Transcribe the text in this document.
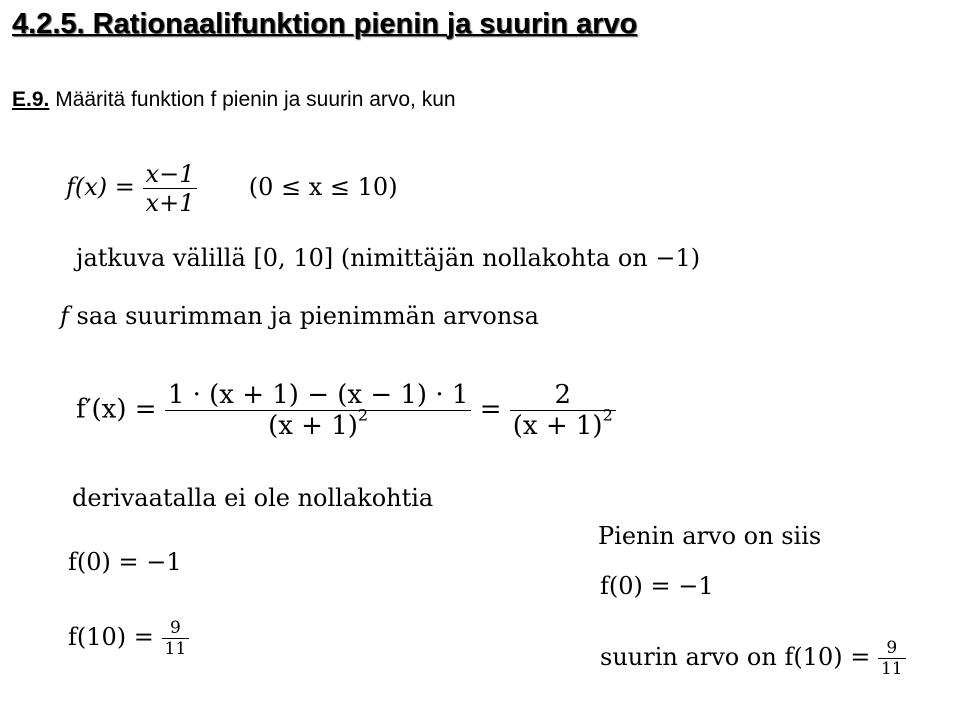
4.2.5. Rationaalifunktion pienin ja suurin arvo
E.9. Määritä funktion f pienin ja suurin arvo, kun
$f(x) = \frac{x-1}{x+1} (0 \le x \le 10)$
jatkuva välillä [0, 10] (nimittäjän nollakohta on −1)
f saa suurimman ja pienimmän arvonsa
$f'(x) = \frac{1 \cdot (x + 1) - (x - 1) \cdot 1}{(x + 1)^2} = \frac{2}{(x + 1)^2}$
derivaatalla ei ole nollakohtia
f(0) = −1
$f(10) = \frac{9}{11}$
Pienin arvo on siis
f(0) = −1
suurin arvo on $f(10) = \frac{9}{11}$
